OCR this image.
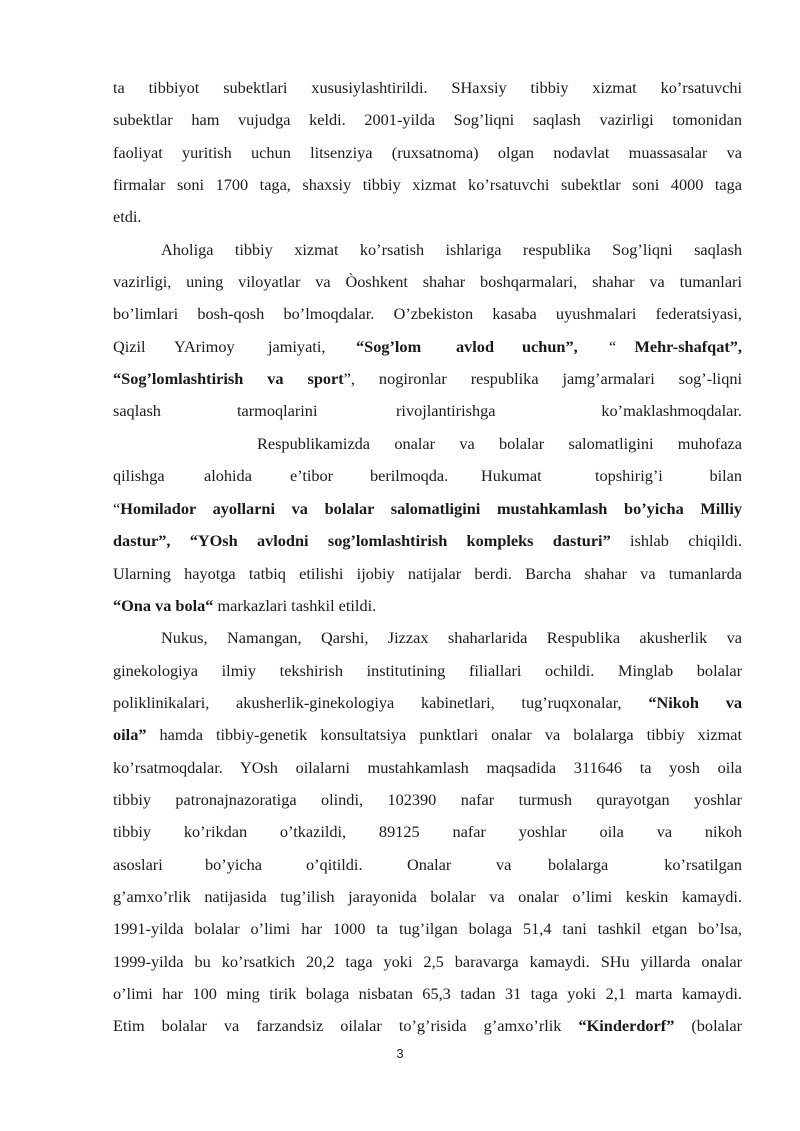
ta tibbiyot subektlari xususiylashtirildi. SHaxsiy tibbiy xizmat ko’rsatuvchi
subektlar ham vujudga keldi. 2001-yilda Sog’liqni saqlash vazirligi tomonidan
faoliyat yuritish uchun litsenziya (ruxsatnoma) olgan nodavlat muassasalar va
firmalar soni 1700 taga, shaxsiy tibbiy xizmat ko’rsatuvchi subektlar soni 4000 taga
etdi.
Aholiga tibbiy xizmat ko’rsatish ishlariga respublika Sog’liqni saqlash
vazirligi, uning viloyatlar va Òoshkent shahar boshqarmalari, shahar va tumanlari
bo’limlari bosh-qosh bo’lmoqdalar. O’zbekiston kasaba uyushmalari federatsiyasi,
Qizil YArimoy jamiyati, “Sog’lom avlod uchun”, “ Mehr-shafqat”,
“Sog’lomlashtirish va sport”, nogironlar respublika jamg’armalari sog’-liqni
saqlash	tarmoqlarini	rivojlantirishga	ko’maklashmoqdalar.
Respublikamizda onalar va bolalar salomatligini muhofaza
qilishga alohida e’tibor berilmoqda. Hukumat	topshirig’i	bilan
“Homilador ayollarni va bolalar salomatligini mustahkamlash bo’yicha Milliy
dastur”, “YOsh avlodni sog’lomlashtirish kompleks dasturi” ishlab chiqildi.
Ularning hayotga tatbiq etilishi ijobiy natijalar berdi. Barcha shahar va tumanlarda
“Ona va bola“ markazlari tashkil etildi.
Nukus, Namangan, Qarshi, Jizzax shaharlarida Respublika akusherlik va
ginekologiya ilmiy tekshirish institutining filiallari ochildi. Minglab bolalar
poliklinikalari, akusherlik-ginekologiya kabinetlari, tug’ruqxonalar, “Nikoh va
oila” hamda tibbiy-genetik konsultatsiya punktlari onalar va bolalarga tibbiy xizmat
ko’rsatmoqdalar. YOsh oilalarni mustahkamlash maqsadida 311646 ta yosh oila
tibbiy patronajnazoratiga olindi, 102390 nafar turmush qurayotgan yoshlar
tibbiy ko’rikdan o’tkazildi, 89125 nafar yoshlar oila va nikoh
asoslari	bo’yicha	o’qitildi.	Onalar	va bolalarga	ko’rsatilgan
g’amxo’rlik natijasida tug’ilish jarayonida bolalar va onalar o’limi keskin kamaydi.
1991-yilda bolalar o’limi har 1000 ta tug’ilgan bolaga 51,4 tani tashkil etgan bo’lsa,
1999-yilda bu ko’rsatkich 20,2 taga yoki 2,5 baravarga kamaydi. SHu yillarda onalar
o’limi har 100 ming tirik bolaga nisbatan 65,3 tadan 31 taga yoki 2,1 marta kamaydi.
Etim bolalar va farzandsiz oilalar to’g’risida g’amxo’rlik “Kinderdorf” (bolalar
3
